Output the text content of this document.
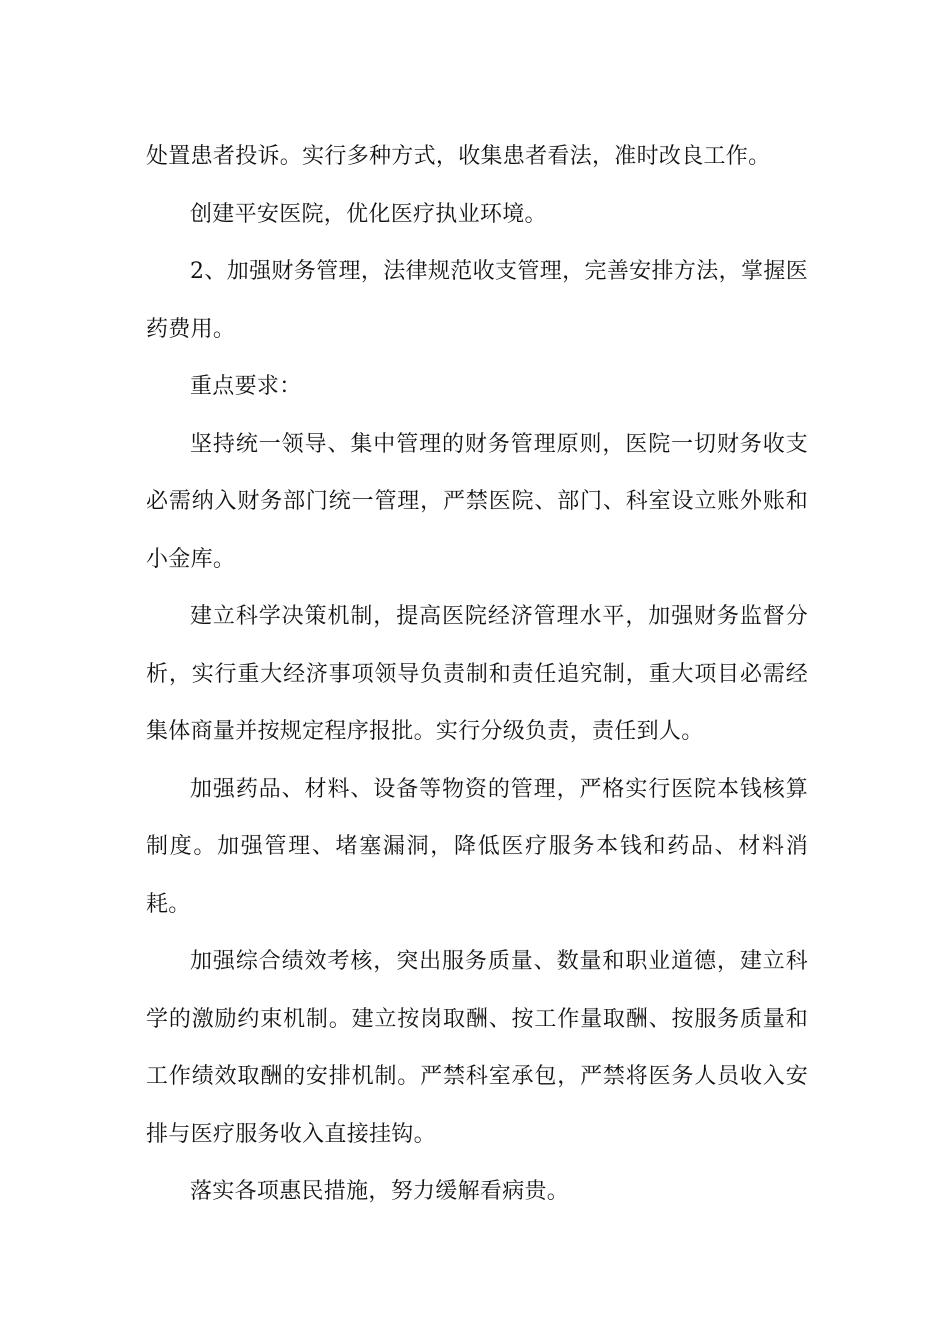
处置患者投诉。实行多种方式，收集患者看法，准时改良工作。

创建平安医院，优化医疗执业环境。

2、加强财务管理，法律规范收支管理，完善安排方法，掌握医药费用。

重点要求：

坚持统一领导、集中管理的财务管理原则，医院一切财务收支必需纳入财务部门统一管理，严禁医院、部门、科室设立账外账和小金库。

建立科学决策机制，提高医院经济管理水平，加强财务监督分析，实行重大经济事项领导负责制和责任追究制，重大项目必需经集体商量并按规定程序报批。实行分级负责，责任到人。

加强药品、材料、设备等物资的管理，严格实行医院本钱核算制度。加强管理、堵塞漏洞，降低医疗服务本钱和药品、材料消耗。

加强综合绩效考核，突出服务质量、数量和职业道德，建立科学的激励约束机制。建立按岗取酬、按工作量取酬、按服务质量和工作绩效取酬的安排机制。严禁科室承包，严禁将医务人员收入安排与医疗服务收入直接挂钩。

落实各项惠民措施，努力缓解看病贵。
